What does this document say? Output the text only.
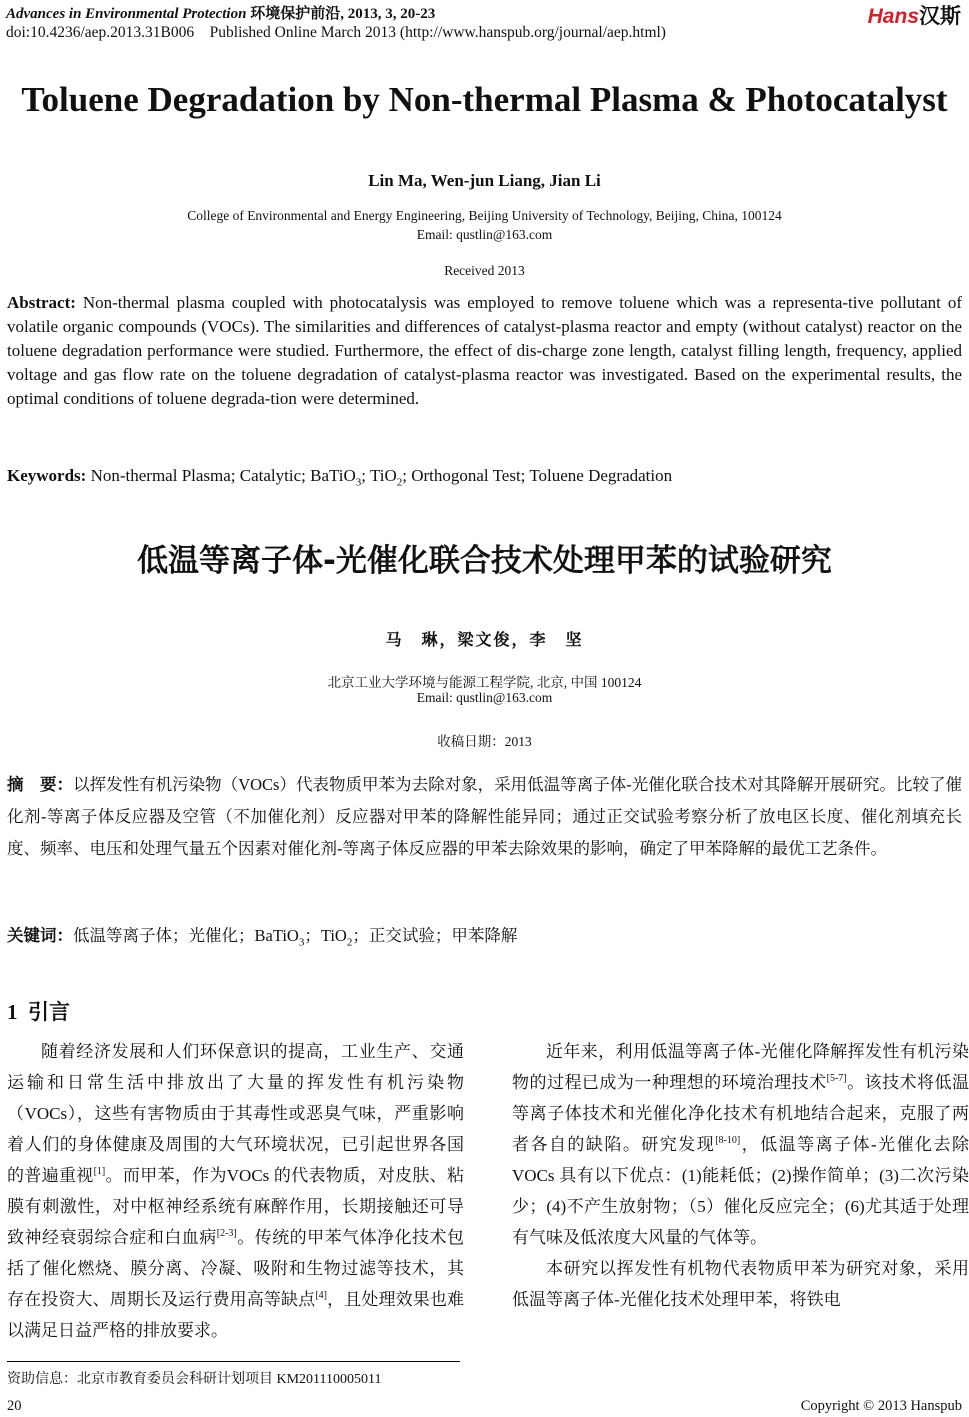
Advances in Environmental Protection 环境保护前沿, 2013, 3, 20-23
doi:10.4236/aep.2013.31B006    Published Online March 2013 (http://www.hanspub.org/journal/aep.html)
Hans汉斯
Toluene Degradation by Non-thermal Plasma & Photocatalyst
Lin Ma, Wen-jun Liang, Jian Li
College of Environmental and Energy Engineering, Beijing University of Technology, Beijing, China, 100124
Email: qustlin@163.com
Received 2013
Abstract: Non-thermal plasma coupled with photocatalysis was employed to remove toluene which was a representa-tive pollutant of volatile organic compounds (VOCs). The similarities and differences of catalyst-plasma reactor and empty (without catalyst) reactor on the toluene degradation performance were studied. Furthermore, the effect of dis-charge zone length, catalyst filling length, frequency, applied voltage and gas flow rate on the toluene degradation of catalyst-plasma reactor was investigated. Based on the experimental results, the optimal conditions of toluene degrada-tion were determined.
Keywords: Non-thermal Plasma; Catalytic; BaTiO$_3$; TiO$_2$; Orthogonal Test; Toluene Degradation
低温等离子体-光催化联合技术处理甲苯的试验研究
马　琳，梁文俊，李　坚
北京工业大学环境与能源工程学院, 北京, 中国 100124
Email: qustlin@163.com
收稿日期：2013
摘　要：以挥发性有机污染物（VOCs）代表物质甲苯为去除对象，采用低温等离子体-光催化联合技术对其降解开展研究。比较了催化剂-等离子体反应器及空管（不加催化剂）反应器对甲苯的降解性能异同；通过正交试验考察分析了放电区长度、催化剂填充长度、频率、电压和处理气量五个因素对催化剂-等离子体反应器的甲苯去除效果的影响，确定了甲苯降解的最优工艺条件。
关键词：低温等离子体；光催化；BaTiO$_3$；TiO$_2$；正交试验；甲苯降解
1 引言

随着经济发展和人们环保意识的提高，工业生产、交通运输和日常生活中排放出了大量的挥发性有机污染物（VOCs），这些有害物质由于其毒性或恶臭气味，严重影响着人们的身体健康及周围的大气环境状况，已引起世界各国的普遍重视[1]。而甲苯，作为VOCs 的代表物质，对皮肤、粘膜有刺激性，对中枢神经系统有麻醉作用，长期接触还可导致神经衰弱综合症和白血病[2-3]。传统的甲苯气体净化技术包括了催化燃烧、膜分离、冷凝、吸附和生物过滤等技术，其存在投资大、周期长及运行费用高等缺点[4]，且处理效果也难以满足日益严格的排放要求。

近年来，利用低温等离子体-光催化降解挥发性有机污染物的过程已成为一种理想的环境治理技术[5-7]。该技术将低温等离子体技术和光催化净化技术有机地结合起来，克服了两者各自的缺陷。研究发现[8-10]，低温等离子体-光催化去除 VOCs 具有以下优点：(1)能耗低；(2)操作简单；(3)二次污染少；(4)不产生放射物；（5）催化反应完全；(6)尤其适于处理有气味及低浓度大风量的气体等。

本研究以挥发性有机物代表物质甲苯为研究对象，采用低温等离子体-光催化技术处理甲苯，将铁电

资助信息：北京市教育委员会科研计划项目 KM201110005011
20	Copyright © 2013 Hanspub
